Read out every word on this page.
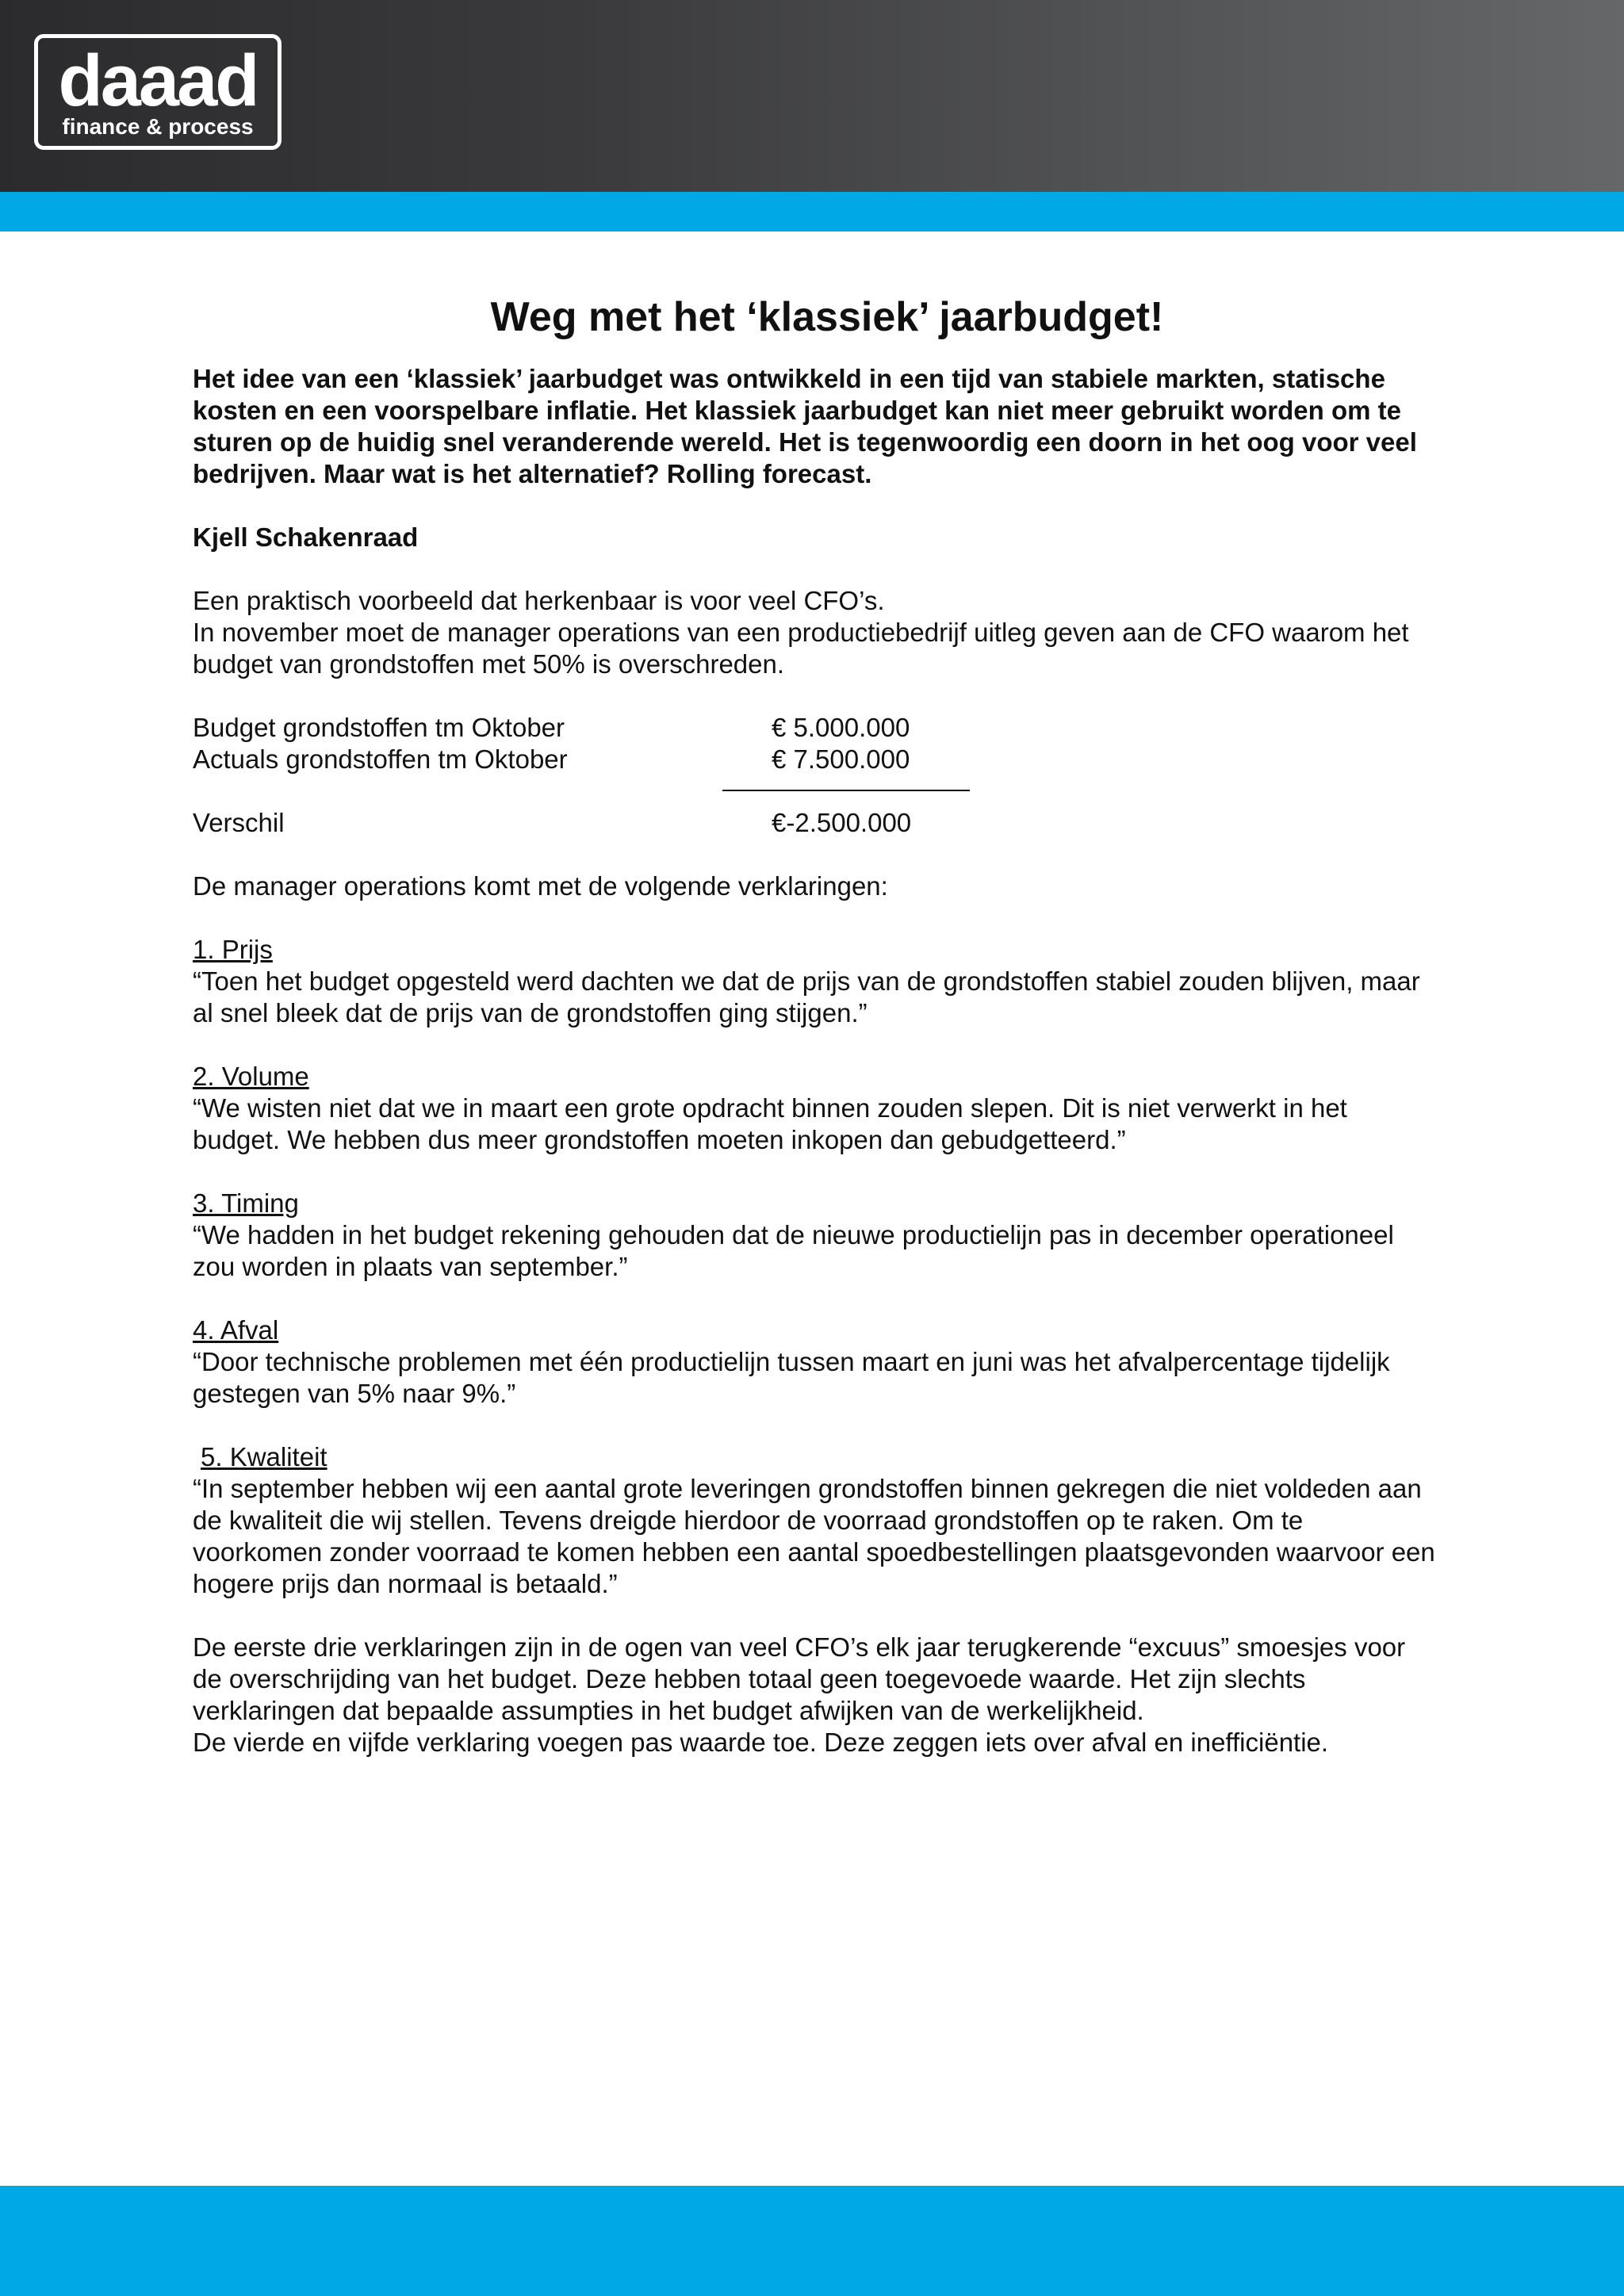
daaad
finance & process
Weg met het ‘klassiek’ jaarbudget!

Het idee van een ‘klassiek’ jaarbudget was ontwikkeld in een tijd van stabiele markten, statische kosten en een voorspelbare inflatie. Het klassiek jaarbudget kan niet meer gebruikt worden om te sturen op de huidig snel veranderende wereld. Het is tegenwoordig een doorn in het oog voor veel bedrijven. Maar wat is het alternatief? Rolling forecast.

Kjell Schakenraad

Een praktisch voorbeeld dat herkenbaar is voor veel CFO’s.

In november moet de manager operations van een productiebedrijf uitleg geven aan de CFO waarom het budget van grondstoffen met 50% is overschreden.

Budget grondstoffen tm Oktober	€ 5.000.000
Actuals grondstoffen tm Oktober	€ 7.500.000
Verschil	€-2.500.000

De manager operations komt met de volgende verklaringen:

1. Prijs

“Toen het budget opgesteld werd dachten we dat de prijs van de grondstoffen stabiel zouden blijven, maar al snel bleek dat de prijs van de grondstoffen ging stijgen.”

2. Volume

“We wisten niet dat we in maart een grote opdracht binnen zouden slepen. Dit is niet verwerkt in het budget. We hebben dus meer grondstoffen moeten inkopen dan gebudgetteerd.”

3. Timing

“We hadden in het budget rekening gehouden dat de nieuwe productielijn pas in december operationeel zou worden in plaats van september.”

4. Afval

“Door technische problemen met één productielijn tussen maart en juni was het afvalpercentage tijdelijk gestegen van 5% naar 9%.”

5. Kwaliteit

“In september hebben wij een aantal grote leveringen grondstoffen binnen gekregen die niet voldeden aan de kwaliteit die wij stellen. Tevens dreigde hierdoor de voorraad grondstoffen op te raken. Om te voorkomen zonder voorraad te komen hebben een aantal spoedbestellingen plaatsgevonden waarvoor een hogere prijs dan normaal is betaald.”

De eerste drie verklaringen zijn in de ogen van veel CFO’s elk jaar terugkerende “excuus” smoesjes voor de overschrijding van het budget. Deze hebben totaal geen toegevoede waarde. Het zijn slechts verklaringen dat bepaalde assumpties in het budget afwijken van de werkelijkheid.

De vierde en vijfde verklaring voegen pas waarde toe. Deze zeggen iets over afval en inefficiëntie.
